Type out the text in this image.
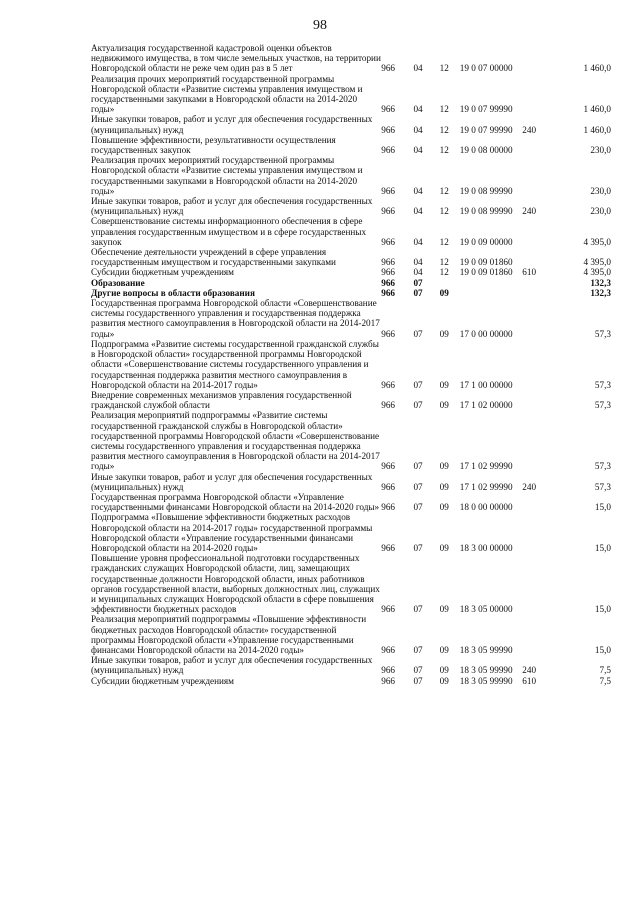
98
Актуализация государственной кадастровой оценки объектов недвижимого имущества, в том числе земельных участков, на территории Новгородской области не реже чем один раз в 5 лет	966	04	12	19 0 07 00000		1 460,0
Реализация прочих мероприятий государственной программы Новгородской области «Развитие системы управления имуществом и государственными закупками в Новгородской области на 2014-2020 годы»	966	04	12	19 0 07 99990		1 460,0
Иные закупки товаров, работ и услуг для обеспечения государственных (муниципальных) нужд	966	04	12	19 0 07 99990	240	1 460,0
Повышение эффективности, результативности осуществления государственных закупок	966	04	12	19 0 08 00000		230,0
Реализация прочих мероприятий государственной программы Новгородской области «Развитие системы управления имуществом и государственными закупками в Новгородской области на 2014-2020 годы»	966	04	12	19 0 08 99990		230,0
Иные закупки товаров, работ и услуг для обеспечения государственных (муниципальных) нужд	966	04	12	19 0 08 99990	240	230,0
Совершенствование системы информационного обеспечения в сфере управления государственным имуществом и в сфере государственных закупок	966	04	12	19 0 09 00000		4 395,0
Обеспечение деятельности учреждений в сфере управления государственным имуществом и государственными закупками	966	04	12	19 0 09 01860		4 395,0
Субсидии бюджетным учреждениям	966	04	12	19 0 09 01860	610	4 395,0
Образование	966	07				132,3
Другие вопросы в области образования	966	07	09			132,3
Государственная программа Новгородской области «Совершенствование системы государственного управления и государственная поддержка развития местного самоуправления в Новгородской области на 2014-2017 годы»	966	07	09	17 0 00 00000		57,3
Подпрограмма «Развитие системы государственной гражданской службы в Новгородской области» государственной программы Новгородской области «Совершенствование системы государственного управления и государственная поддержка развития местного самоуправления в Новгородской области на 2014-2017 годы»	966	07	09	17 1 00 00000		57,3
Внедрение современных механизмов управления государственной гражданской службой области	966	07	09	17 1 02 00000		57,3
Реализация мероприятий подпрограммы «Развитие системы государственной гражданской службы в Новгородской области» государственной программы Новгородской области «Совершенствование системы государственного управления и государственная поддержка развития местного самоуправления в Новгородской области на 2014-2017 годы»	966	07	09	17 1 02 99990		57,3
Иные закупки товаров, работ и услуг для обеспечения государственных (муниципальных) нужд	966	07	09	17 1 02 99990	240	57,3
Государственная программа Новгородской области «Управление государственными финансами Новгородской области на 2014-2020 годы»	966	07	09	18 0 00 00000		15,0
Подпрограмма «Повышение эффективности бюджетных расходов Новгородской области на 2014-2017 годы» государственной программы Новгородской области «Управление государственными финансами Новгородской области на 2014-2020 годы»	966	07	09	18 3 00 00000		15,0
Повышение уровня профессиональной подготовки государственных гражданских служащих Новгородской области, лиц, замещающих государственные должности Новгородской области, иных работников органов государственной власти, выборных должностных лиц, служащих и муниципальных служащих Новгородской области в сфере повышения эффективности бюджетных расходов	966	07	09	18 3 05 00000		15,0
Реализация мероприятий подпрограммы «Повышение эффективности бюджетных расходов Новгородской области» государственной программы Новгородской области «Управление государственными финансами Новгородской области на 2014-2020 годы»	966	07	09	18 3 05 99990		15,0
Иные закупки товаров, работ и услуг для обеспечения государственных (муниципальных) нужд	966	07	09	18 3 05 99990	240	7,5
Субсидии бюджетным учреждениям	966	07	09	18 3 05 99990	610	7,5
